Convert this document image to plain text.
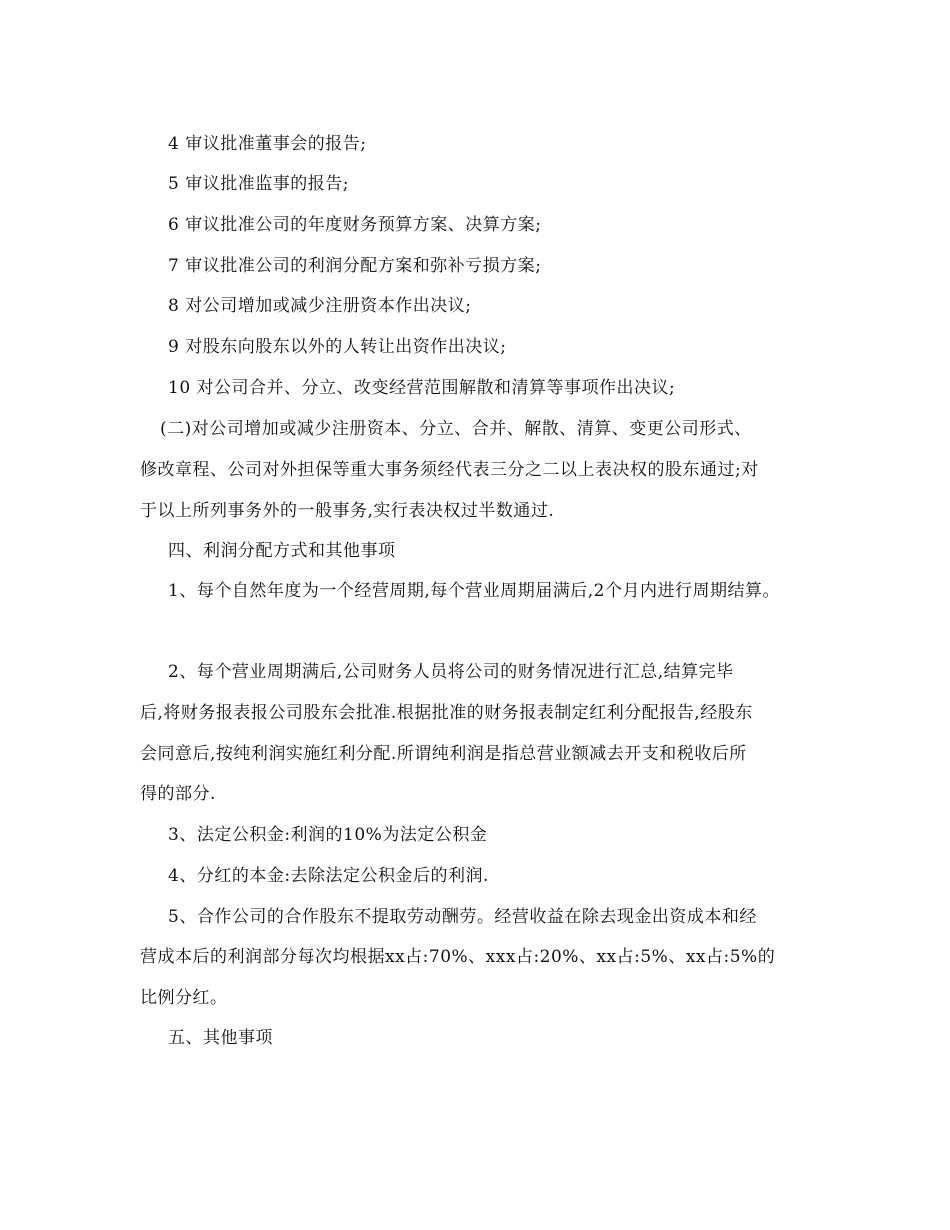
4 审议批准董事会的报告;
5 审议批准监事的报告;
6 审议批准公司的年度财务预算方案、决算方案;
7 审议批准公司的利润分配方案和弥补亏损方案;
8 对公司增加或减少注册资本作出决议;
9 对股东向股东以外的人转让出资作出决议;
10 对公司合并、分立、改变经营范围解散和清算等事项作出决议;
(二)对公司增加或减少注册资本、分立、合并、解散、清算、变更公司形式、
修改章程、公司对外担保等重大事务须经代表三分之二以上表决权的股东通过;对
于以上所列事务外的一般事务,实行表决权过半数通过.
四、利润分配方式和其他事项
1、每个自然年度为一个经营周期,每个营业周期届满后,2个月内进行周期结算。
2、每个营业周期满后,公司财务人员将公司的财务情况进行汇总,结算完毕
后,将财务报表报公司股东会批准.根据批准的财务报表制定红利分配报告,经股东
会同意后,按纯利润实施红利分配.所谓纯利润是指总营业额减去开支和税收后所
得的部分.
3、法定公积金:利润的10%为法定公积金
4、分红的本金:去除法定公积金后的利润.
5、合作公司的合作股东不提取劳动酬劳。经营收益在除去现金出资成本和经
营成本后的利润部分每次均根据xx占:70%、xxx占:20%、xx占:5%、xx占:5%的
比例分红。
五、其他事项
